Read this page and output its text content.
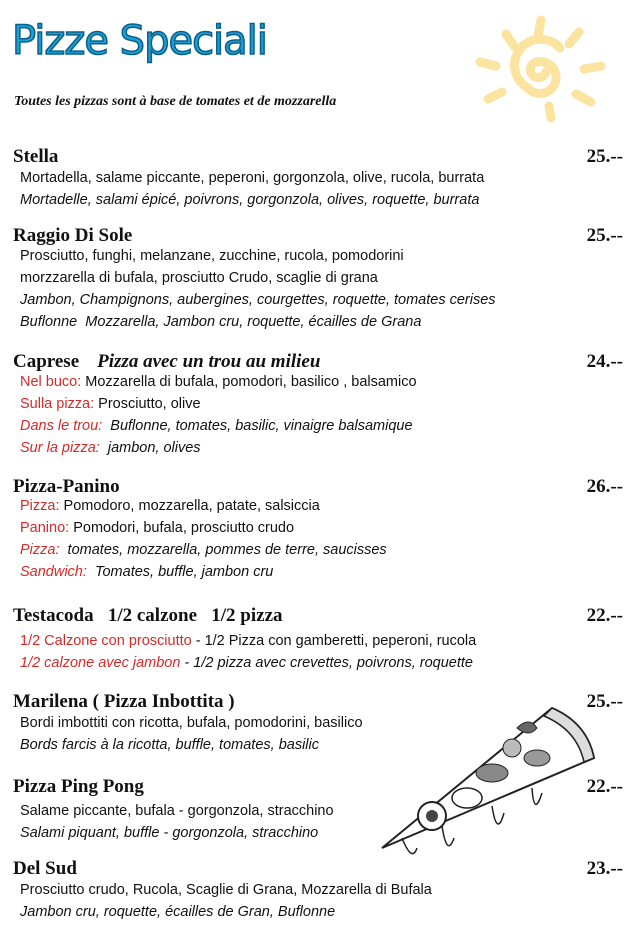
Pizze Speciali
Toutes les pizzas sont à base de tomates et de mozzarella
Stella	25.--
Mortadella, salame piccante, peperoni, gorgonzola, olive, rucola, burrata
Mortadelle, salami épicé, poivrons, gorgonzola, olives, roquette, burrata
Raggio Di Sole	25.--
Prosciutto, funghi, melanzane, zucchine, rucola, pomodorini
morzzarella di bufala, prosciutto Crudo, scaglie di grana
Jambon, Champignons, aubergines, courgettes, roquette, tomates cerises
Buflonne  Mozzarella, Jambon cru, roquette, écailles de Grana
Caprese Pizza avec un trou au milieu	24.--
Nel buco: Mozzarella di bufala, pomodori, basilico , balsamico
Sulla pizza: Prosciutto, olive
Dans le trou:  Buflonne, tomates, basilic, vinaigre balsamique
Sur la pizza:  jambon, olives
Pizza-Panino	26.--
Pizza: Pomodoro, mozzarella, patate, salsiccia
Panino: Pomodori, bufala, prosciutto crudo
Pizza:  tomates, mozzarella, pommes de terre, saucisses
Sandwich:  Tomates, buffle, jambon cru
Testacoda   1/2 calzone   1/2 pizza	22.--
1/2 Calzone con prosciutto - 1/2 Pizza con gamberetti, peperoni, rucola
1/2 calzone avec jambon - 1/2 pizza avec crevettes, poivrons, roquette
Marilena ( Pizza Inbottita )	25.--
Bordi imbottiti con ricotta, bufala, pomodorini, basilico
Bords farcis à la ricotta, buffle, tomates, basilic
Pizza Ping Pong	22.--
Salame piccante, bufala - gorgonzola, stracchino
Salami piquant, buffle - gorgonzola, stracchino
Del Sud	23.--
Prosciutto crudo, Rucola, Scaglie di Grana, Mozzarella di Bufala
Jambon cru, roquette, écailles de Gran, Buflonne
